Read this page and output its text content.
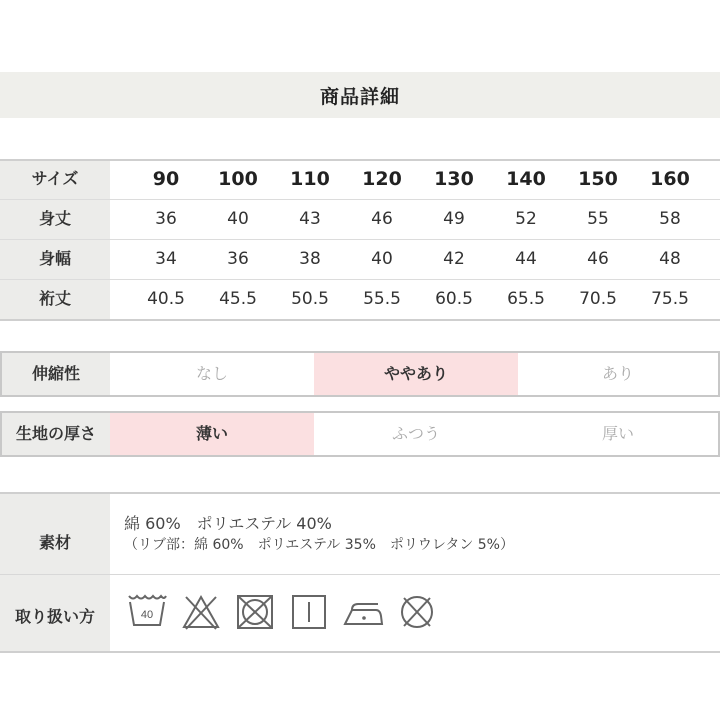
商品詳細
サイズ	90	100	110	120	130	140	150	160
身丈	36	40	43	46	49	52	55	58
身幅	34	36	38	40	42	44	46	48
裄丈	40.5	45.5	50.5	55.5	60.5	65.5	70.5	75.5
伸縮性	なし	ややあり	あり
生地の厚さ	薄い	ふつう	厚い
素材
綿 60%　ポリエステル 40%
（リブ部：綿 60%　ポリエステル 35%　ポリウレタン 5%）
取り扱い方	40
